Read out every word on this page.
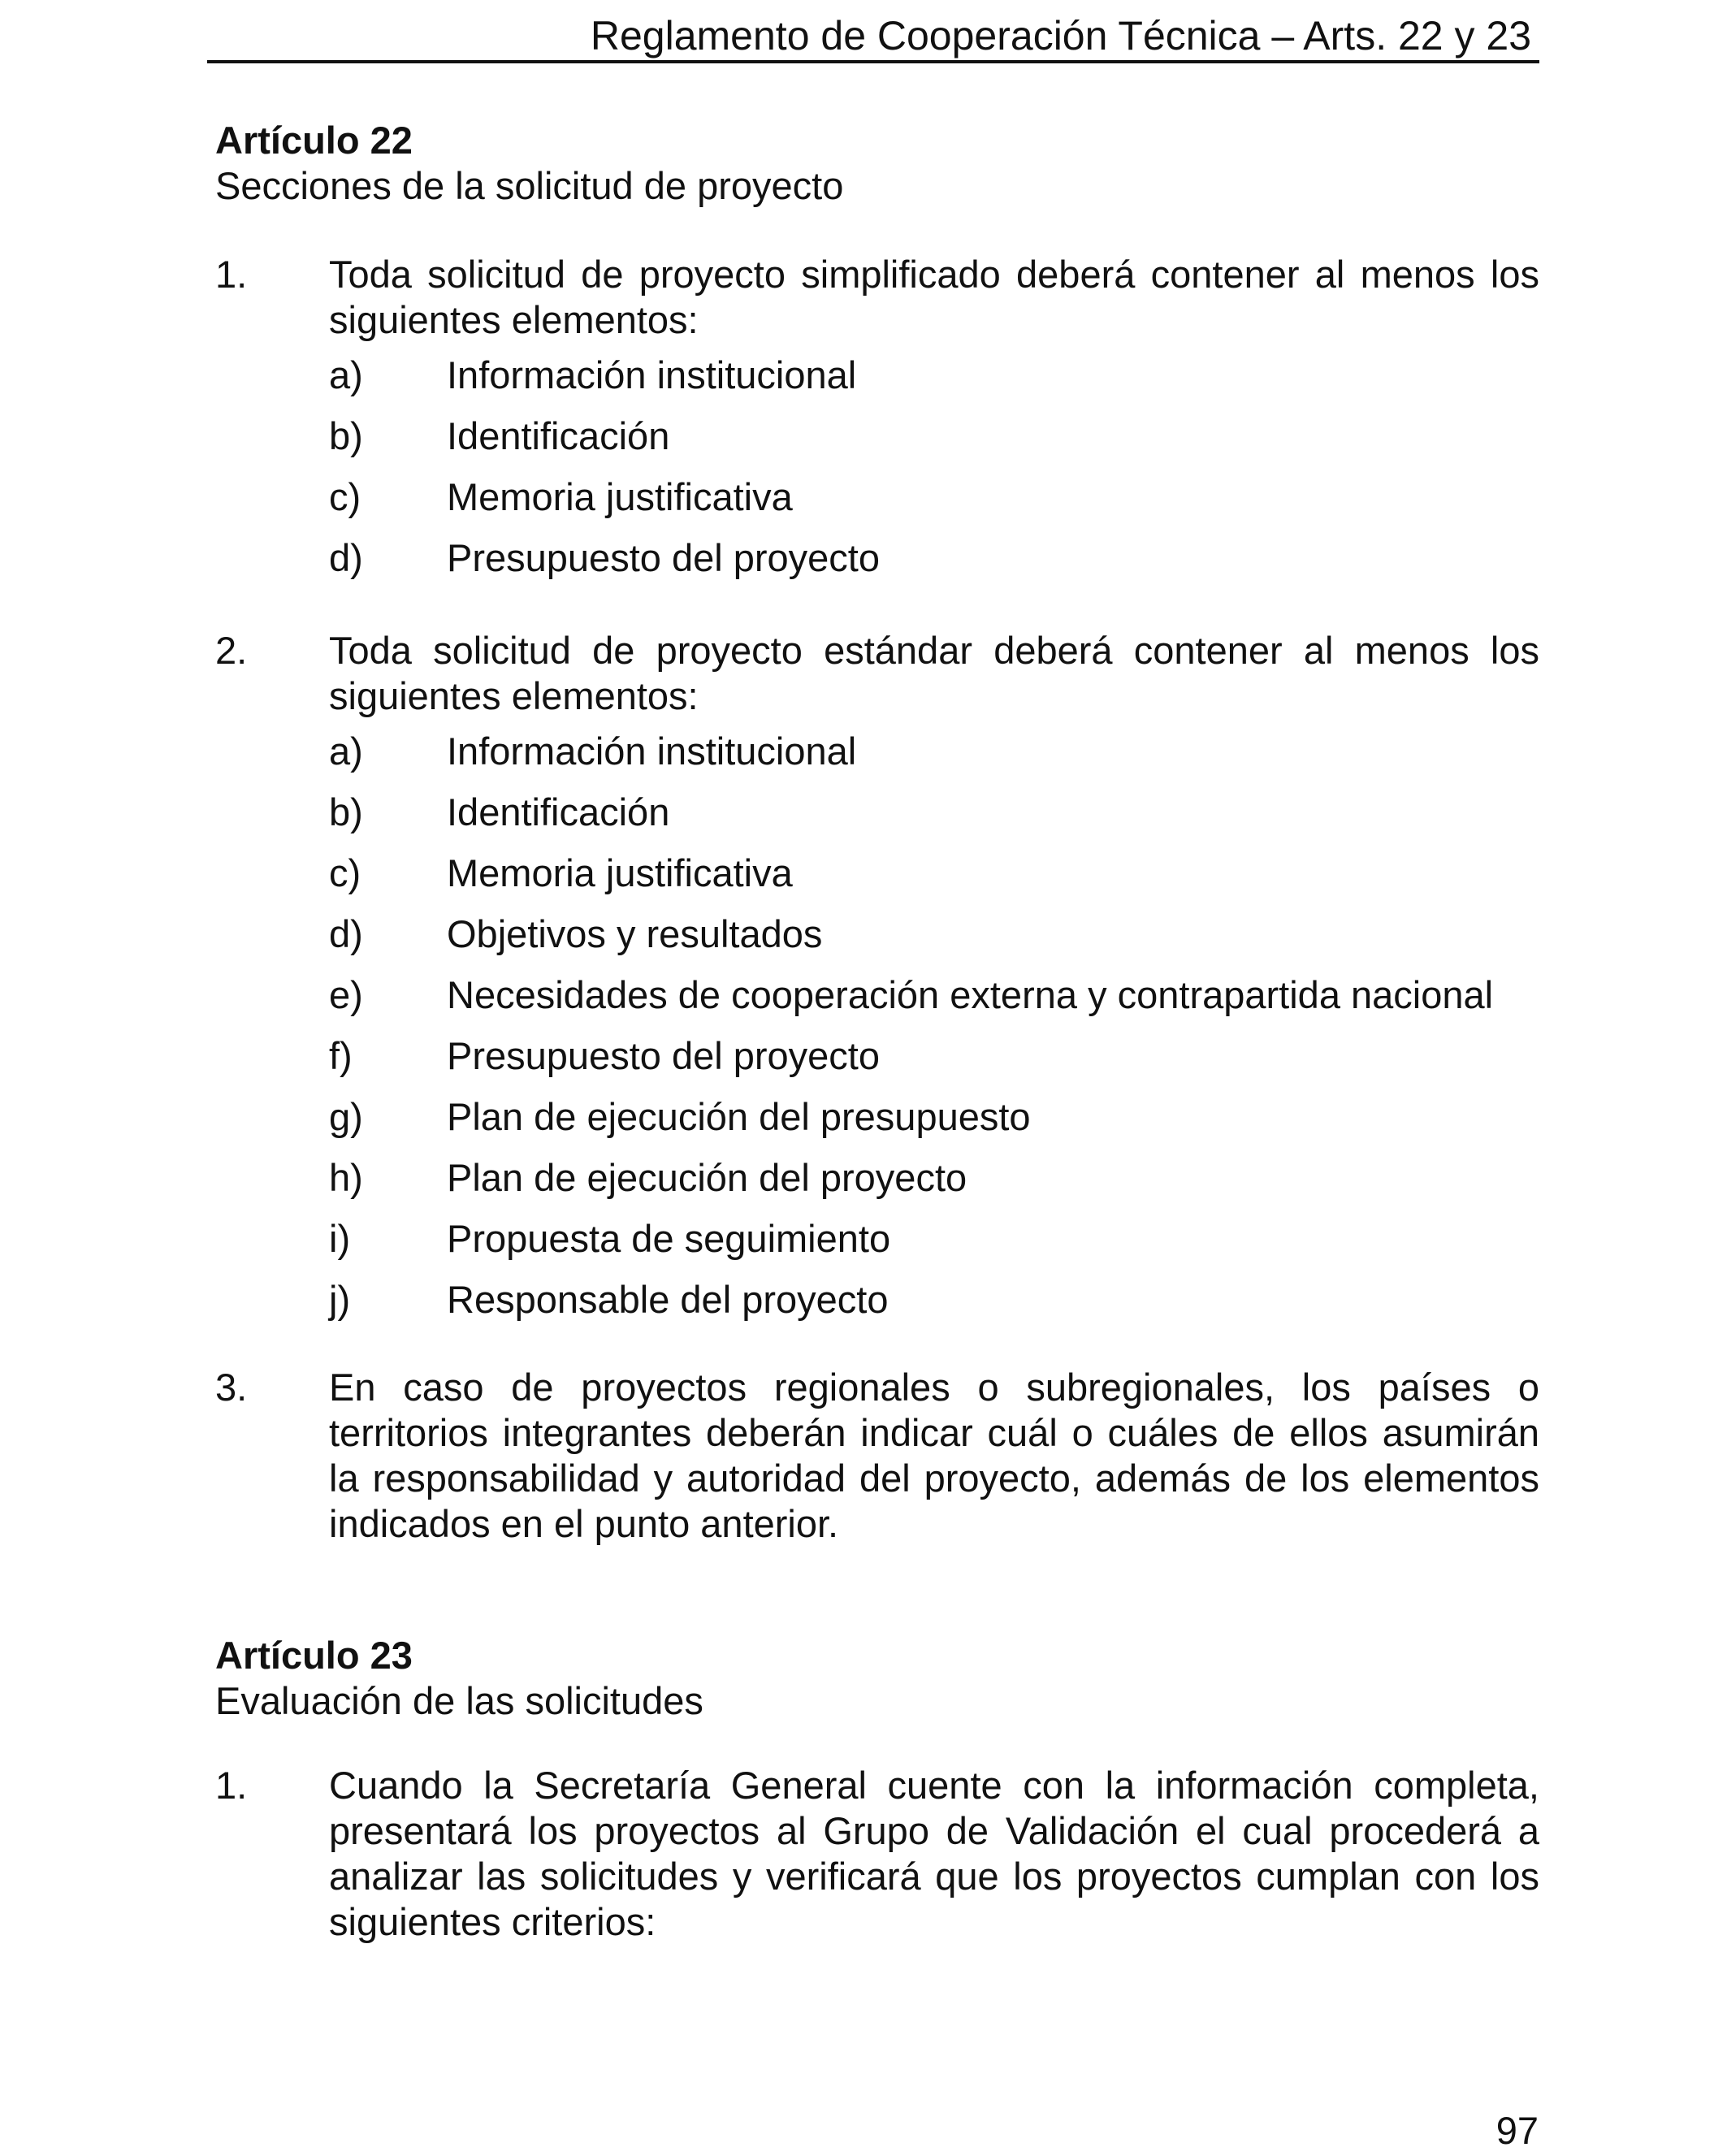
Reglamento de Cooperación Técnica – Arts. 22 y 23

Artículo 22

Secciones de la solicitud de proyecto

1. Toda solicitud de proyecto simplificado deberá contener al menos los siguientes elementos:
a) Información institucional
b) Identificación
c) Memoria justificativa
d) Presupuesto del proyecto
2. Toda solicitud de proyecto estándar deberá contener al menos los siguientes elementos:
a) Información institucional
b) Identificación
c) Memoria justificativa
d) Objetivos y resultados
e) Necesidades de cooperación externa y contrapartida nacional
f) Presupuesto del proyecto
g) Plan de ejecución del presupuesto
h) Plan de ejecución del proyecto
i)	Propuesta de seguimiento
j)	Responsable del proyecto
3. En caso de proyectos regionales o subregionales, los países o territorios integrantes deberán indicar cuál o cuáles de ellos asumirán la responsabilidad y autoridad del proyecto, además de los elementos indicados en el punto anterior.

Artículo 23

Evaluación de las solicitudes

1. Cuando la Secretaría General cuente con la información completa, presentará los proyectos al Grupo de Validación el cual procederá a analizar las solicitudes y verificará que los proyectos cumplan con los siguientes criterios:
97
